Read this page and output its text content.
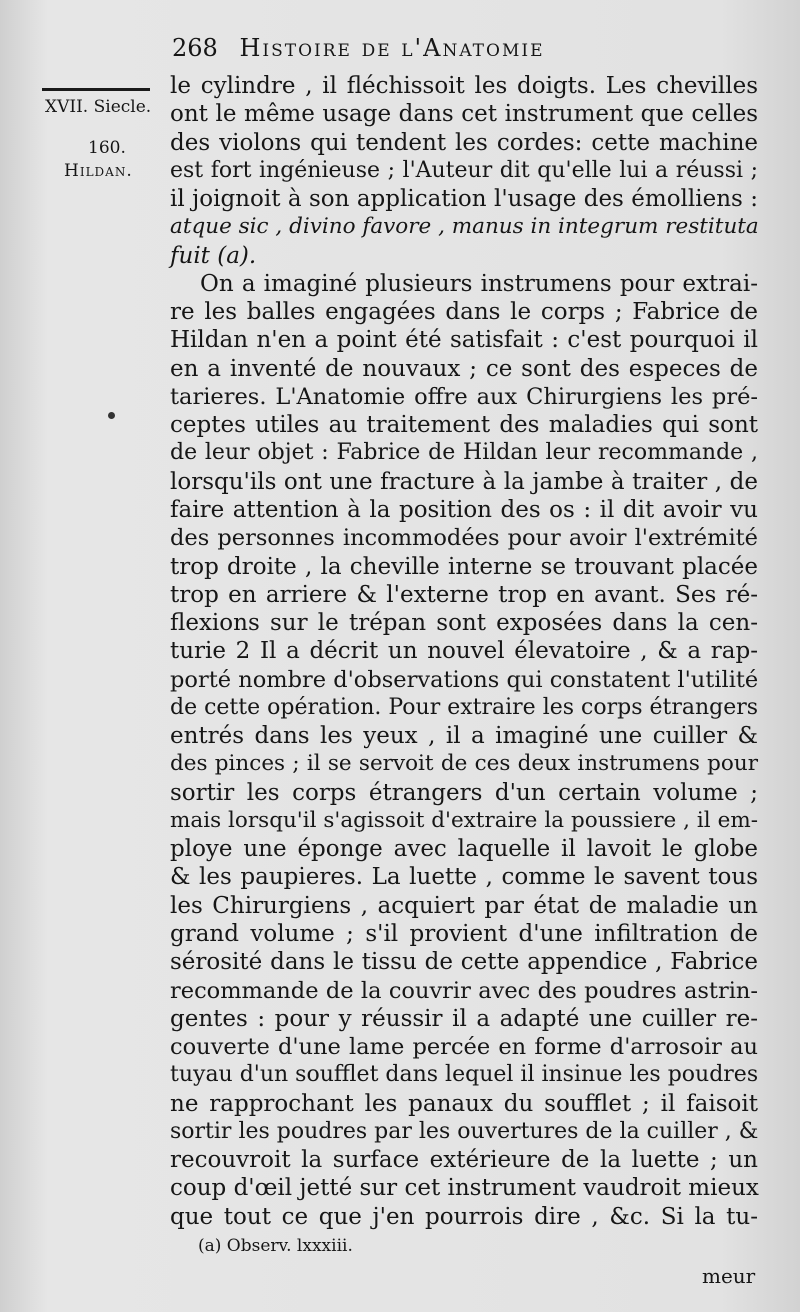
268 Histoire de l'Anatomie
XVII. Siecle.
160.
Hildan.
le cylindre , il fléchissoit les doigts. Les chevilles
ont le même usage dans cet instrument que celles
des violons qui tendent les cordes: cette machine
est fort ingénieuse ; l'Auteur dit qu'elle lui a réussi ;
il joignoit à son application l'usage des émolliens :
atque sic , divino favore , manus in integrum restituta
fuit (a).
On a imaginé plusieurs instrumens pour extrai-
re les balles engagées dans le corps ; Fabrice de
Hildan n'en a point été satisfait : c'est pourquoi il
en a inventé de nouvaux ; ce sont des especes de
tarieres. L'Anatomie offre aux Chirurgiens les pré-
ceptes utiles au traitement des maladies qui sont
de leur objet : Fabrice de Hildan leur recommande ,
lorsqu'ils ont une fracture à la jambe à traiter , de
faire attention à la position des os : il dit avoir vu
des personnes incommodées pour avoir l'extrémité
trop droite , la cheville interne se trouvant placée
trop en arriere & l'externe trop en avant. Ses ré-
flexions sur le trépan sont exposées dans la cen-
turie 2 Il a décrit un nouvel élevatoire , & a rap-
porté nombre d'observations qui constatent l'utilité
de cette opération. Pour extraire les corps étrangers
entrés dans les yeux , il a imaginé une cuiller &
des pinces ; il se servoit de ces deux instrumens pour
sortir les corps étrangers d'un certain volume ;
mais lorsqu'il s'agissoit d'extraire la poussiere , il em-
ploye une éponge avec laquelle il lavoit le globe
& les paupieres. La luette , comme le savent tous
les Chirurgiens , acquiert par état de maladie un
grand volume ; s'il provient d'une infiltration de
sérosité dans le tissu de cette appendice , Fabrice
recommande de la couvrir avec des poudres astrin-
gentes : pour y réussir il a adapté une cuiller re-
couverte d'une lame percée en forme d'arrosoir au
tuyau d'un soufflet dans lequel il insinue les poudres
ne rapprochant les panaux du soufflet ; il faisoit
sortir les poudres par les ouvertures de la cuiller , &
recouvroit la surface extérieure de la luette ; un
coup d'œil jetté sur cet instrument vaudroit mieux
que tout ce que j'en pourrois dire , &c. Si la tu-
(a) Observ. lxxxiii.
meur
